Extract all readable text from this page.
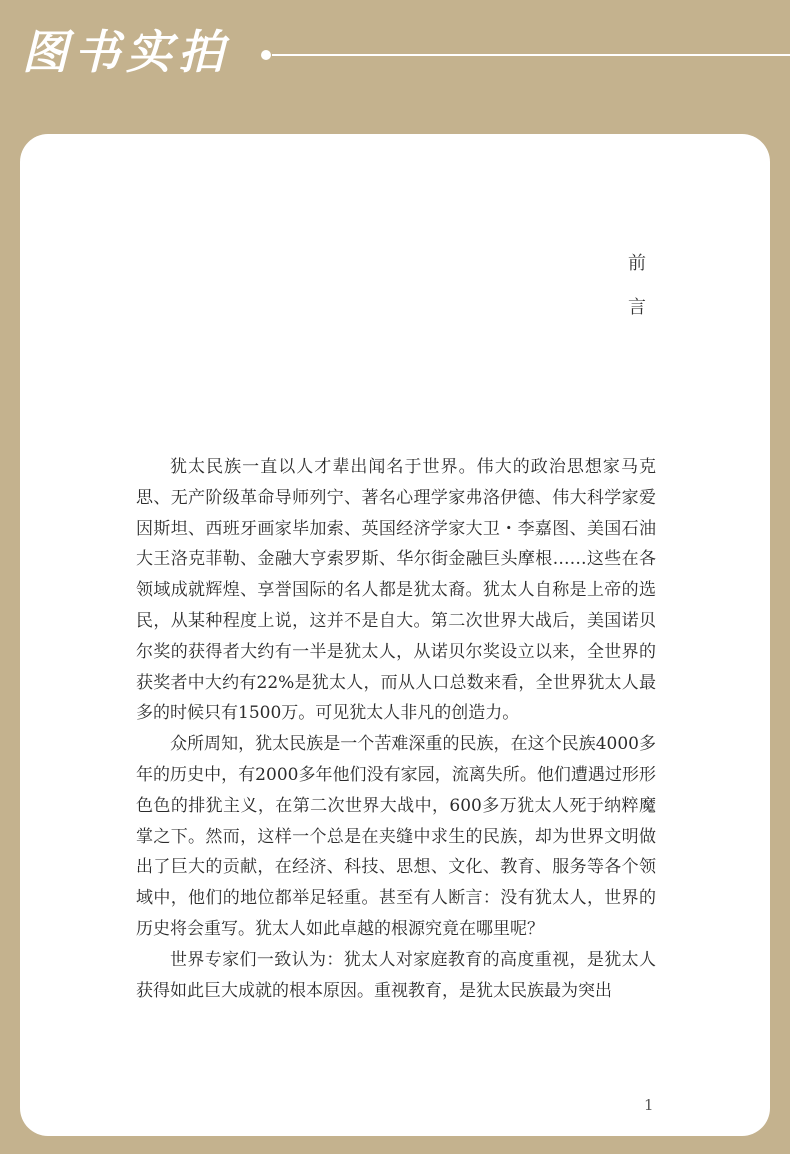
图书实拍
前
言

犹太民族一直以人才辈出闻名于世界。伟大的政治思想家马克思、无产阶级革命导师列宁、著名心理学家弗洛伊德、伟大科学家爱因斯坦、西班牙画家毕加索、英国经济学家大卫・李嘉图、美国石油大王洛克菲勒、金融大亨索罗斯、华尔街金融巨头摩根……这些在各领域成就辉煌、享誉国际的名人都是犹太裔。犹太人自称是上帝的选民，从某种程度上说，这并不是自大。第二次世界大战后，美国诺贝尔奖的获得者大约有一半是犹太人，从诺贝尔奖设立以来，全世界的获奖者中大约有22%是犹太人，而从人口总数来看，全世界犹太人最多的时候只有1500万。可见犹太人非凡的创造力。

众所周知，犹太民族是一个苦难深重的民族，在这个民族4000多年的历史中，有2000多年他们没有家园，流离失所。他们遭遇过形形色色的排犹主义，在第二次世界大战中，600多万犹太人死于纳粹魔掌之下。然而，这样一个总是在夹缝中求生的民族，却为世界文明做出了巨大的贡献，在经济、科技、思想、文化、教育、服务等各个领域中，他们的地位都举足轻重。甚至有人断言：没有犹太人，世界的历史将会重写。犹太人如此卓越的根源究竟在哪里呢？

世界专家们一致认为：犹太人对家庭教育的高度重视，是犹太人获得如此巨大成就的根本原因。重视教育，是犹太民族最为突出

1
